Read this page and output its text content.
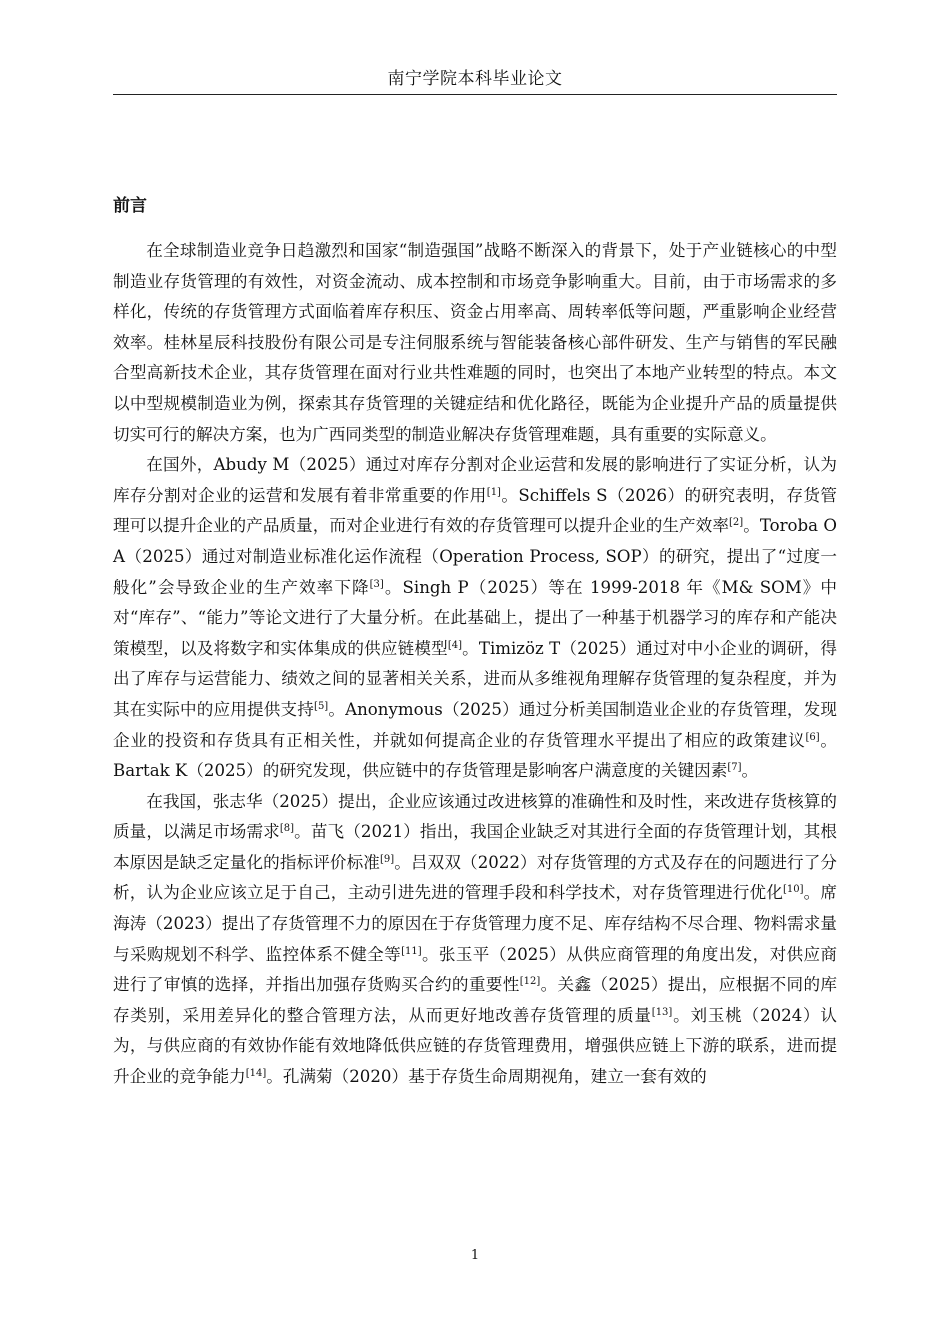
南宁学院本科毕业论文
前言

在全球制造业竞争日趋激烈和国家“制造强国”战略不断深入的背景下，处于产业链核心的中型制造业存货管理的有效性，对资金流动、成本控制和市场竞争影响重大。目前，由于市场需求的多样化，传统的存货管理方式面临着库存积压、资金占用率高、周转率低等问题，严重影响企业经营效率。桂林星辰科技股份有限公司是专注伺服系统与智能装备核心部件研发、生产与销售的军民融合型高新技术企业，其存货管理在面对行业共性难题的同时，也突出了本地产业转型的特点。本文以中型规模制造业为例，探索其存货管理的关键症结和优化路径，既能为企业提升产品的质量提供切实可行的解决方案，也为广西同类型的制造业解决存货管理难题，具有重要的实际意义。

在国外，Abudy M（2025）通过对库存分割对企业运营和发展的影响进行了实证分析，认为库存分割对企业的运营和发展有着非常重要的作用[1]。Schiffels S（2026）的研究表明，存货管理可以提升企业的产品质量，而对企业进行有效的存货管理可以提升企业的生产效率[2]。Toroba O A（2025）通过对制造业标准化运作流程（Operation Process, SOP）的研究，提出了“过度一般化”会导致企业的生产效率下降[3]。Singh P（2025）等在 1999-2018 年《M& SOM》中对“库存”、“能力”等论文进行了大量分析。在此基础上，提出了一种基于机器学习的库存和产能决策模型，以及将数字和实体集成的供应链模型[4]。Timizöz T（2025）通过对中小企业的调研，得出了库存与运营能力、绩效之间的显著相关关系，进而从多维视角理解存货管理的复杂程度，并为其在实际中的应用提供支持[5]。Anonymous（2025）通过分析美国制造业企业的存货管理，发现企业的投资和存货具有正相关性，并就如何提高企业的存货管理水平提出了相应的政策建议[6]。Bartak K（2025）的研究发现，供应链中的存货管理是影响客户满意度的关键因素[7]。

在我国，张志华（2025）提出，企业应该通过改进核算的准确性和及时性，来改进存货核算的质量，以满足市场需求[8]。苗飞（2021）指出，我国企业缺乏对其进行全面的存货管理计划，其根本原因是缺乏定量化的指标评价标准[9]。吕双双（2022）对存货管理的方式及存在的问题进行了分析，认为企业应该立足于自己，主动引进先进的管理手段和科学技术，对存货管理进行优化[10]。席海涛（2023）提出了存货管理不力的原因在于存货管理力度不足、库存结构不尽合理、物料需求量与采购规划不科学、监控体系不健全等[11]。张玉平（2025）从供应商管理的角度出发，对供应商进行了审慎的选择，并指出加强存货购买合约的重要性[12]。关鑫（2025）提出，应根据不同的库存类别，采用差异化的整合管理方法，从而更好地改善存货管理的质量[13]。刘玉桃（2024）认为，与供应商的有效协作能有效地降低供应链的存货管理费用，增强供应链上下游的联系，进而提升企业的竞争能力[14]。孔满菊（2020）基于存货生命周期视角，建立一套有效的

1
